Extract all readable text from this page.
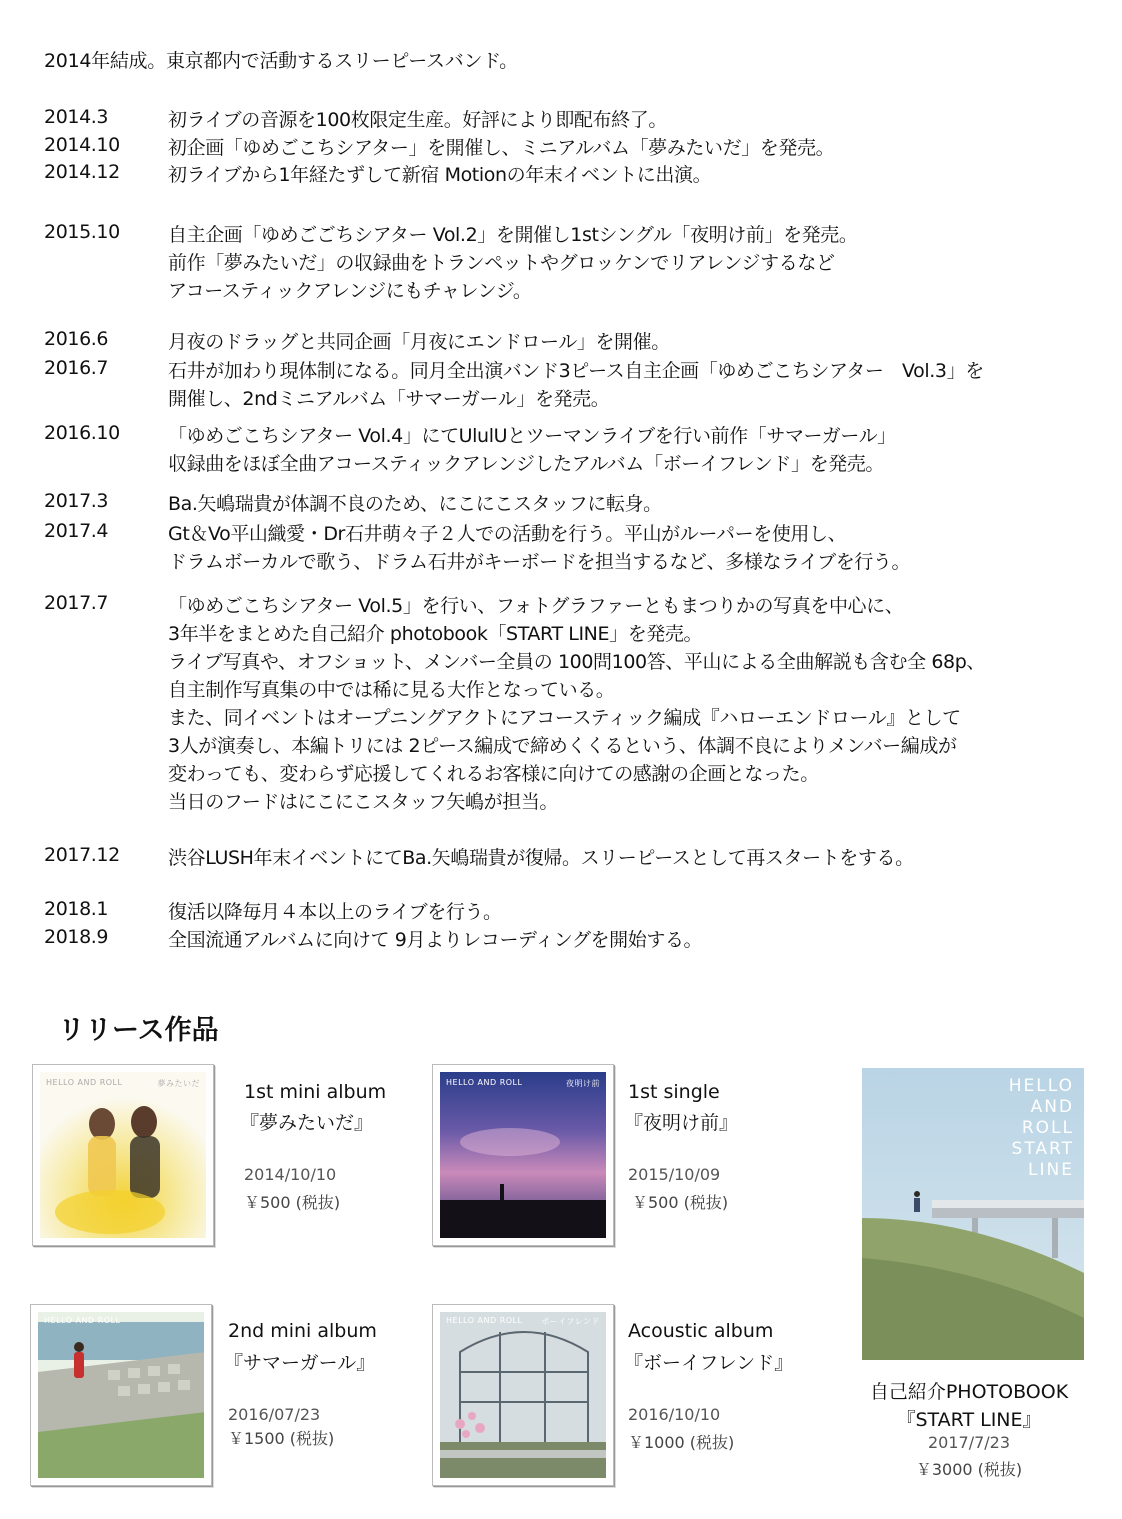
2014年結成。東京都内で活動するスリーピースバンド。
2014.3	初ライブの音源を100枚限定生産。好評により即配布終了。
2014.10	初企画「ゆめごこちシアター」を開催し、ミニアルバム「夢みたいだ」を発売。
2014.12	初ライブから1年経たずして新宿 Motionの年末イベントに出演。
2015.10	自主企画「ゆめごごちシアター Vol.2」を開催し1stシングル「夜明け前」を発売。
前作「夢みたいだ」の収録曲をトランペットやグロッケンでリアレンジするなど
アコースティックアレンジにもチャレンジ。
2016.6	月夜のドラッグと共同企画「月夜にエンドロール」を開催。
2016.7	石井が加わり現体制になる。同月全出演バンド3ピース自主企画「ゆめごこちシアター　Vol.3」を
開催し、2ndミニアルバム「サマーガール」を発売。
2016.10	「ゆめごこちシアター Vol.4」にてUlulUとツーマンライブを行い前作「サマーガール」
収録曲をほぼ全曲アコースティックアレンジしたアルバム「ボーイフレンド」を発売。
2017.3	Ba.矢嶋瑞貴が体調不良のため、にこにこスタッフに転身。
2017.4	Gt＆Vo平山織愛・Dr石井萌々子２人での活動を行う。平山がルーパーを使用し、
ドラムボーカルで歌う、ドラム石井がキーボードを担当するなど、多様なライブを行う。
2017.7	「ゆめごこちシアター Vol.5」を行い、フォトグラファーともまつりかの写真を中心に、
3年半をまとめた自己紹介 photobook「START LINE」を発売。
ライブ写真や、オフショット、メンバー全員の 100問100答、平山による全曲解説も含む全 68p、
自主制作写真集の中では稀に見る大作となっている。
また、同イベントはオープニングアクトにアコースティック編成『ハローエンドロール』として
3人が演奏し、本編トリには 2ピース編成で締めくくるという、体調不良によりメンバー編成が
変わっても、変わらず応援してくれるお客様に向けての感謝の企画となった。
当日のフードはにこにこスタッフ矢嶋が担当。
2017.12	渋谷LUSH年末イベントにてBa.矢嶋瑞貴が復帰。スリーピースとして再スタートをする。
2018.1	復活以降毎月４本以上のライブを行う。
2018.9	全国流通アルバムに向けて 9月よりレコーディングを開始する。
リリース作品
HELLO AND ROLL	夢みたいだ 1st mini album
『夢みたいだ』
2014/10/10
￥500 (税抜)
HELLO AND ROLL	夜明け前 1st single
『夜明け前』
2015/10/09
￥500 (税抜)
HELLO AND ROLL	2nd mini album
『サマーガール』
2016/07/23
￥1500 (税抜)
HELLO AND ROLL ボーイフレンド Acoustic album
『ボーイフレンド』
2016/10/10
￥1000 (税抜)
HELLO
AND
ROLL
START
LINE
自己紹介PHOTOBOOK
『START LINE』
2017/7/23
￥3000 (税抜)
